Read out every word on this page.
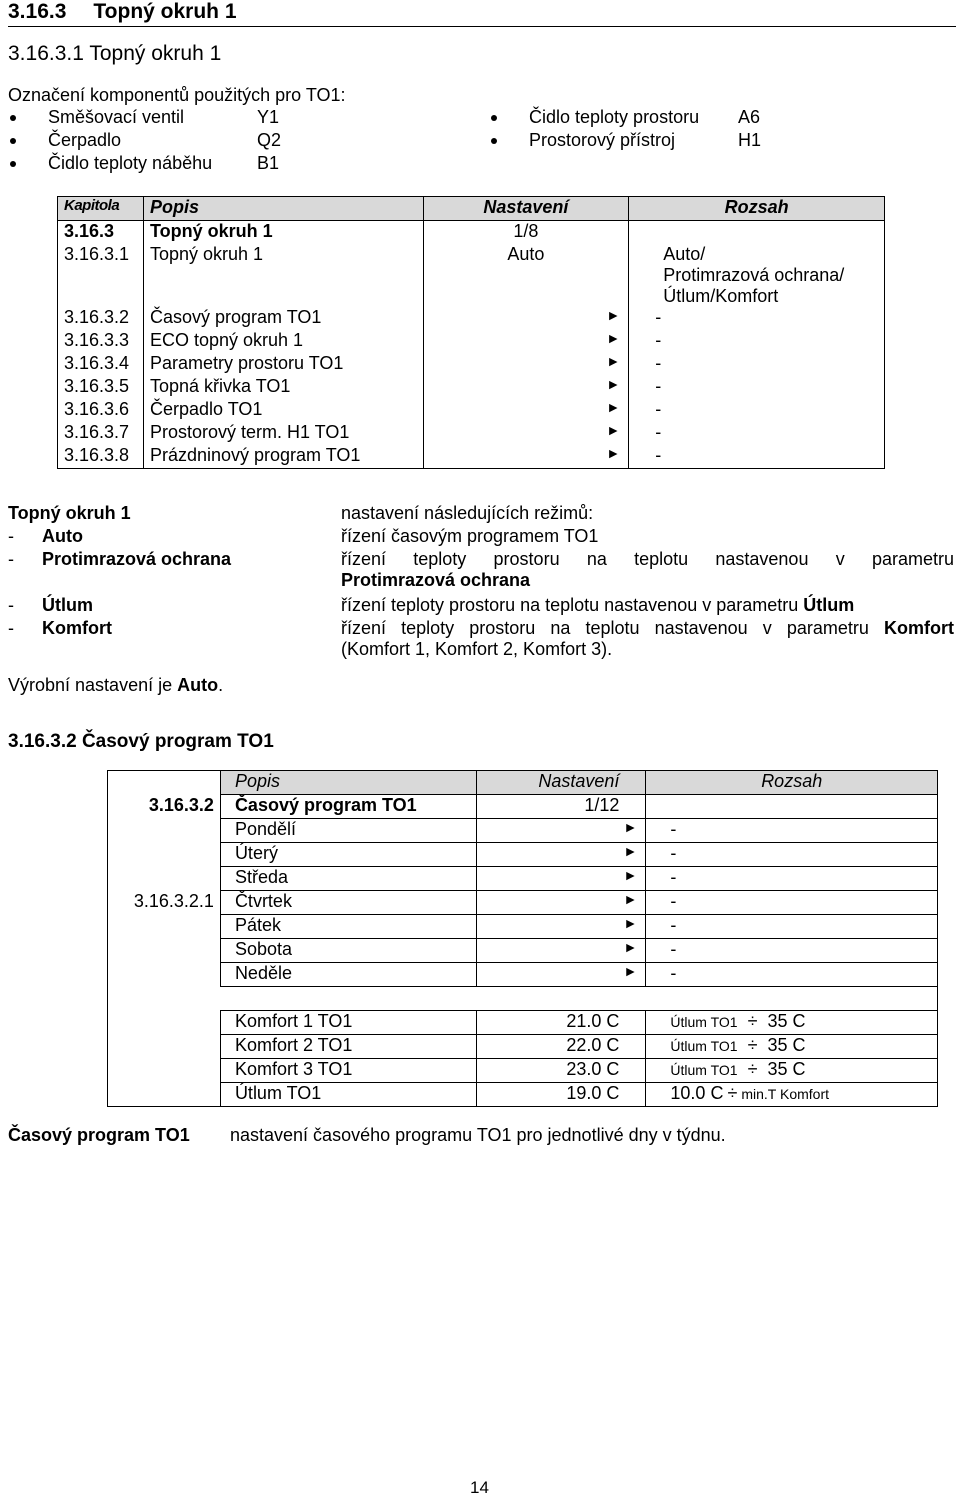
3.16.3 Topný okruh 1
3.16.3.1 Topný okruh 1
Označení komponentů použitých pro TO1:
Směšovací ventil	Y1
Čerpadlo	Q2
Čidlo teploty náběhu B1
Čidlo teploty prostoru A6
Prostorový přístroj	H1
Kapitola	Popis	Nastavení	Rozsah
3.16.3	Topný okruh 1	1/8	
3.16.3.1	Topný okruh 1	Auto	Auto/
Protimrazová ochrana/
Útlum/Komfort

3.16.3.2	Časový program TO1	►	-
3.16.3.3	ECO topný okruh 1	►	-
3.16.3.4	Parametry prostoru TO1	►	-
3.16.3.5	Topná křivka TO1	►	-
3.16.3.6	Čerpadlo TO1	►	-
3.16.3.7	Prostorový term. H1 TO1	►	-
3.16.3.8	Prázdninový program TO1	►	-
Topný okruh 1	nastavení následujících režimů:
- Auto	řízení časovým programem TO1
- Protimrazová ochrana	řízení teploty prostoru na teplotu nastavenou v parametru
Protimrazová ochrana
- Útlum	řízení teploty prostoru na teplotu nastavenou v parametru Útlum
- Komfort	řízení teploty prostoru na teplotu nastavenou v parametru Komfort
(Komfort 1, Komfort 2, Komfort 3).
Výrobní nastavení je Auto.
3.16.3.2 Časový program TO1
	Popis	Nastavení	Rozsah
3.16.3.2	Časový program TO1	1/12	
	Pondělí	►	-
	Úterý	►	-
	Středa	►	-
3.16.3.2.1	Čtvrtek	►	-
	Pátek	►	-
	Sobota	►	-
	Neděle	►	-

	Komfort 1 TO1	21.0 C	Útlum TO1 ÷ 35 C
	Komfort 2 TO1	22.0 C	Útlum TO1 ÷ 35 C
	Komfort 3 TO1	23.0 C	Útlum TO1 ÷ 35 C
	Útlum TO1	19.0 C	10.0 C ÷ min.T Komfort
Časový program TO1 nastavení časového programu TO1 pro jednotlivé dny v týdnu.
14
